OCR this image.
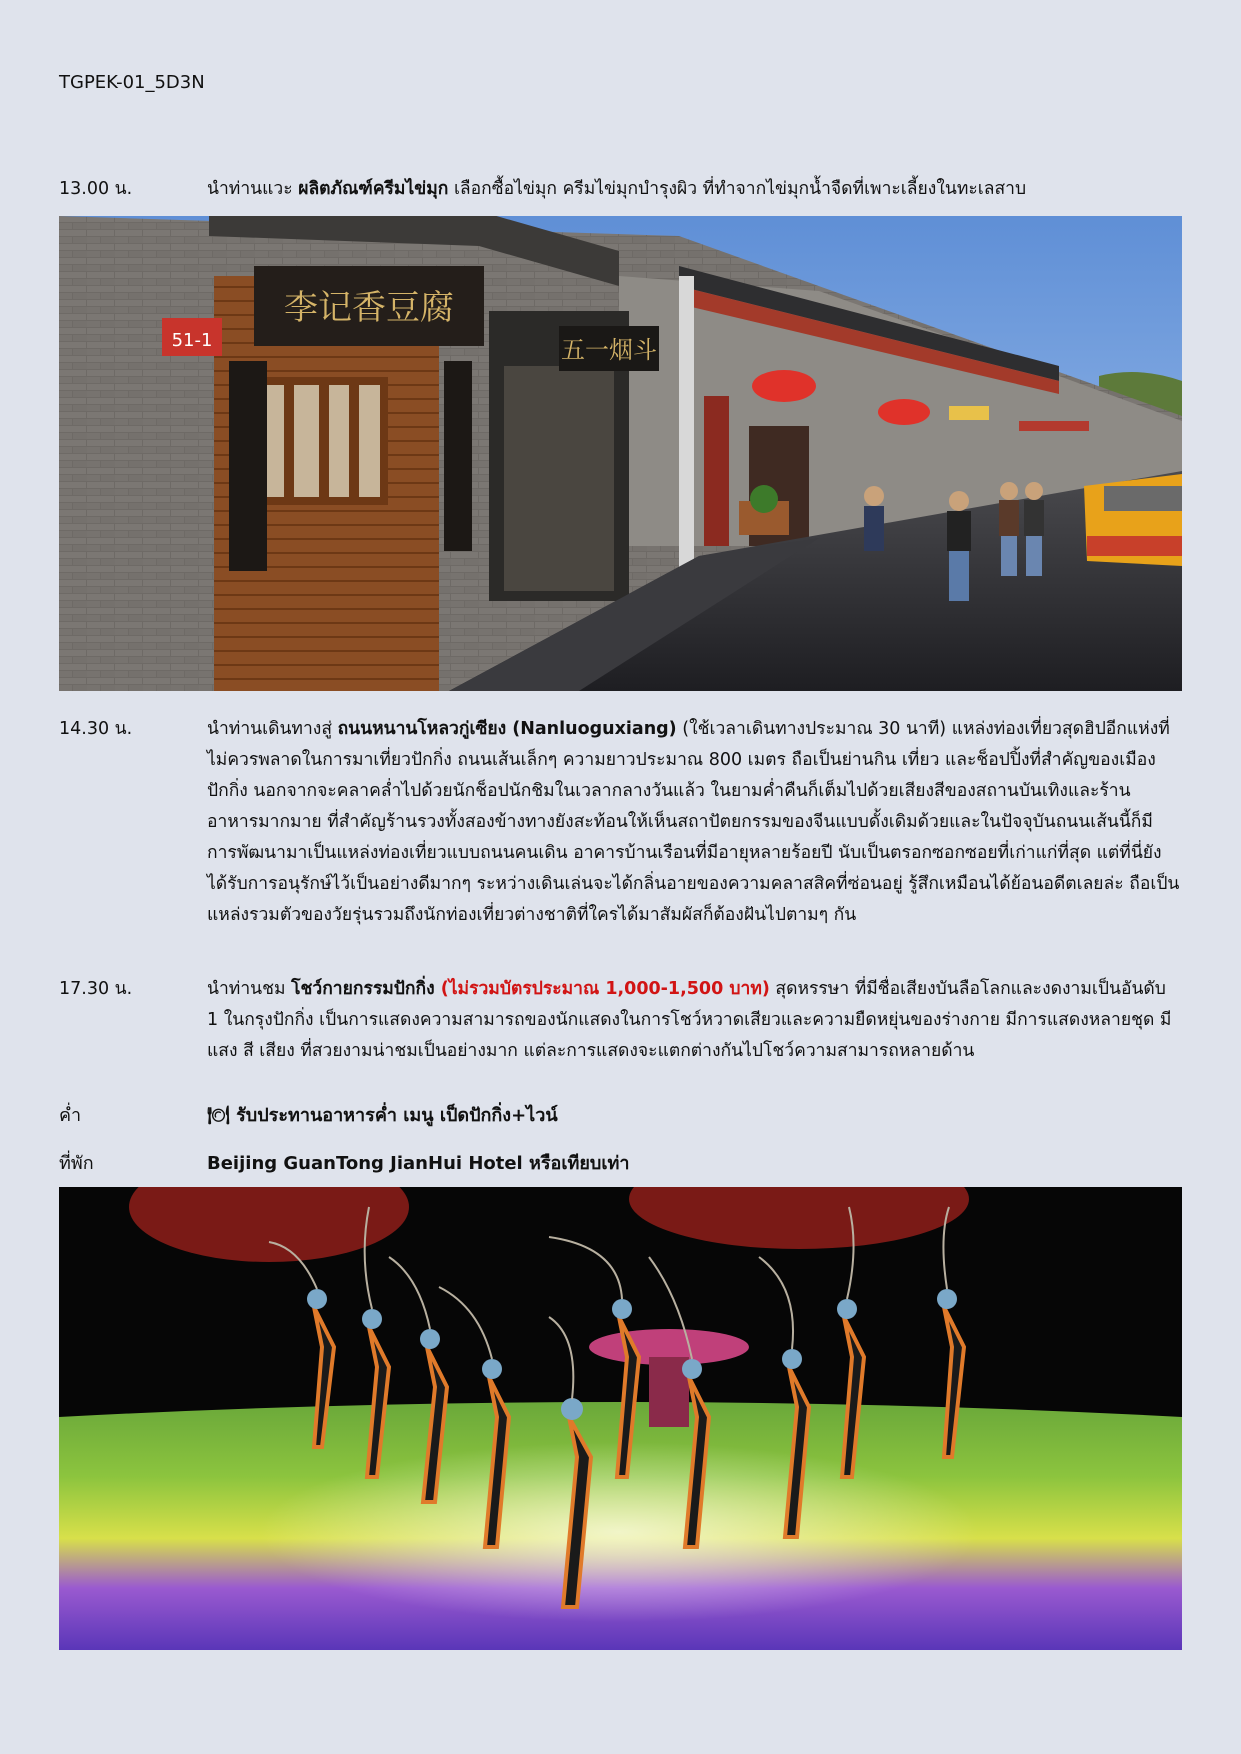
TGPEK-01_5D3N
13.00 น.	นำท่านแวะ ผลิตภัณฑ์ครีมไข่มุก เลือกซื้อไข่มุก ครีมไข่มุกบำรุงผิว ที่ทำจากไข่มุกน้ำจืดที่เพาะเลี้ยงในทะเลสาบ
李记香豆腐
51-1	五一烟斗
14.30 น.	นำท่านเดินทางสู่ ถนนหนานโหลวกู่เซียง (Nanluoguxiang) (ใช้เวลาเดินทางประมาณ 30 นาที) แหล่งท่องเที่ยวสุดฮิปอีกแห่งที่ไม่ควรพลาดในการมาเที่ยวปักกิ่ง ถนนเส้นเล็กๆ ความยาวประมาณ 800 เมตร ถือเป็นย่านกิน เที่ยว และช็อปปิ้งที่สำคัญของเมืองปักกิ่ง นอกจากจะคลาคล่ำไปด้วยนักช็อปนักชิมในเวลากลางวันแล้ว ในยามค่ำคืนก็เต็มไปด้วยเสียงสีของสถานบันเทิงและร้านอาหารมากมาย ที่สำคัญร้านรวงทั้งสองข้างทางยังสะท้อนให้เห็นสถาปัตยกรรมของจีนแบบดั้งเดิมด้วยและในปัจจุบันถนนเส้นนี้ก็มีการพัฒนามาเป็นแหล่งท่องเที่ยวแบบถนนคนเดิน อาคารบ้านเรือนที่มีอายุหลายร้อยปี นับเป็นตรอกซอกซอยที่เก่าแก่ที่สุด แต่ที่นี่ยังได้รับการอนุรักษ์ไว้เป็นอย่างดีมากๆ ระหว่างเดินเล่นจะได้กลิ่นอายของความคลาสสิคที่ซ่อนอยู่ รู้สึกเหมือนได้ย้อนอดีตเลยล่ะ ถือเป็นแหล่งรวมตัวของวัยรุ่นรวมถึงนักท่องเที่ยวต่างชาติที่ใครได้มาสัมผัสก็ต้องฝันไปตามๆ กัน
17.30 น.	นำท่านชม โชว์กายกรรมปักกิ่ง (ไม่รวมบัตรประมาณ 1,000-1,500 บาท) สุดหรรษา ที่มีชื่อเสียงบันลือโลกและงดงามเป็นอันดับ 1 ในกรุงปักกิ่ง เป็นการแสดงความสามารถของนักแสดงในการโชว์หวาดเสียวและความยืดหยุ่นของร่างกาย มีการแสดงหลายชุด มีแสง สี เสียง ที่สวยงามน่าชมเป็นอย่างมาก แต่ละการแสดงจะแตกต่างกันไปโชว์ความสามารถหลายด้าน
ค่ำ	🍽 รับประทานอาหารค่ำ เมนู เป็ดปักกิ่ง+ไวน์
ที่พัก	Beijing GuanTong JianHui Hotel หรือเทียบเท่า
